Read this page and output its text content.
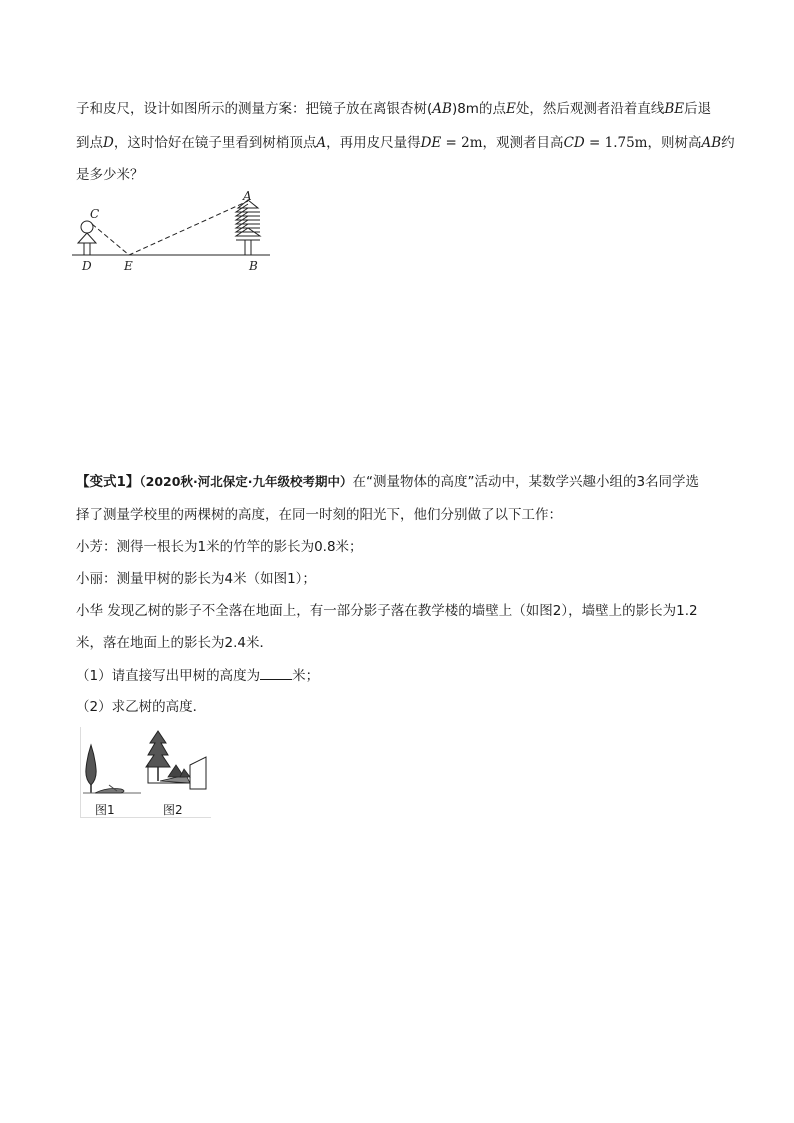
子和皮尺，设计如图所示的测量方案：把镜子放在离银杏树(AB)8m的点E处，然后观测者沿着直线BE后退
到点D，这时恰好在镜子里看到树梢顶点A，再用皮尺量得DE = 2m，观测者目高CD = 1.75m，则树高AB约
是多少米？
C
A
D	E	B
【变式1】（2020秋·河北保定·九年级校考期中）在“测量物体的高度”活动中，某数学兴趣小组的3名同学选
择了测量学校里的两棵树的高度，在同一时刻的阳光下，他们分别做了以下工作：
小芳：测得一根长为1米的竹竿的影长为0.8米；
小丽：测量甲树的影长为4米（如图1）；
小华 发现乙树的影子不全落在地面上，有一部分影子落在教学楼的墙壁上（如图2），墙壁上的影长为1.2
米，落在地面上的影长为2.4米．
（1）请直接写出甲树的高度为 米；
（2）求乙树的高度．
图1	图2
